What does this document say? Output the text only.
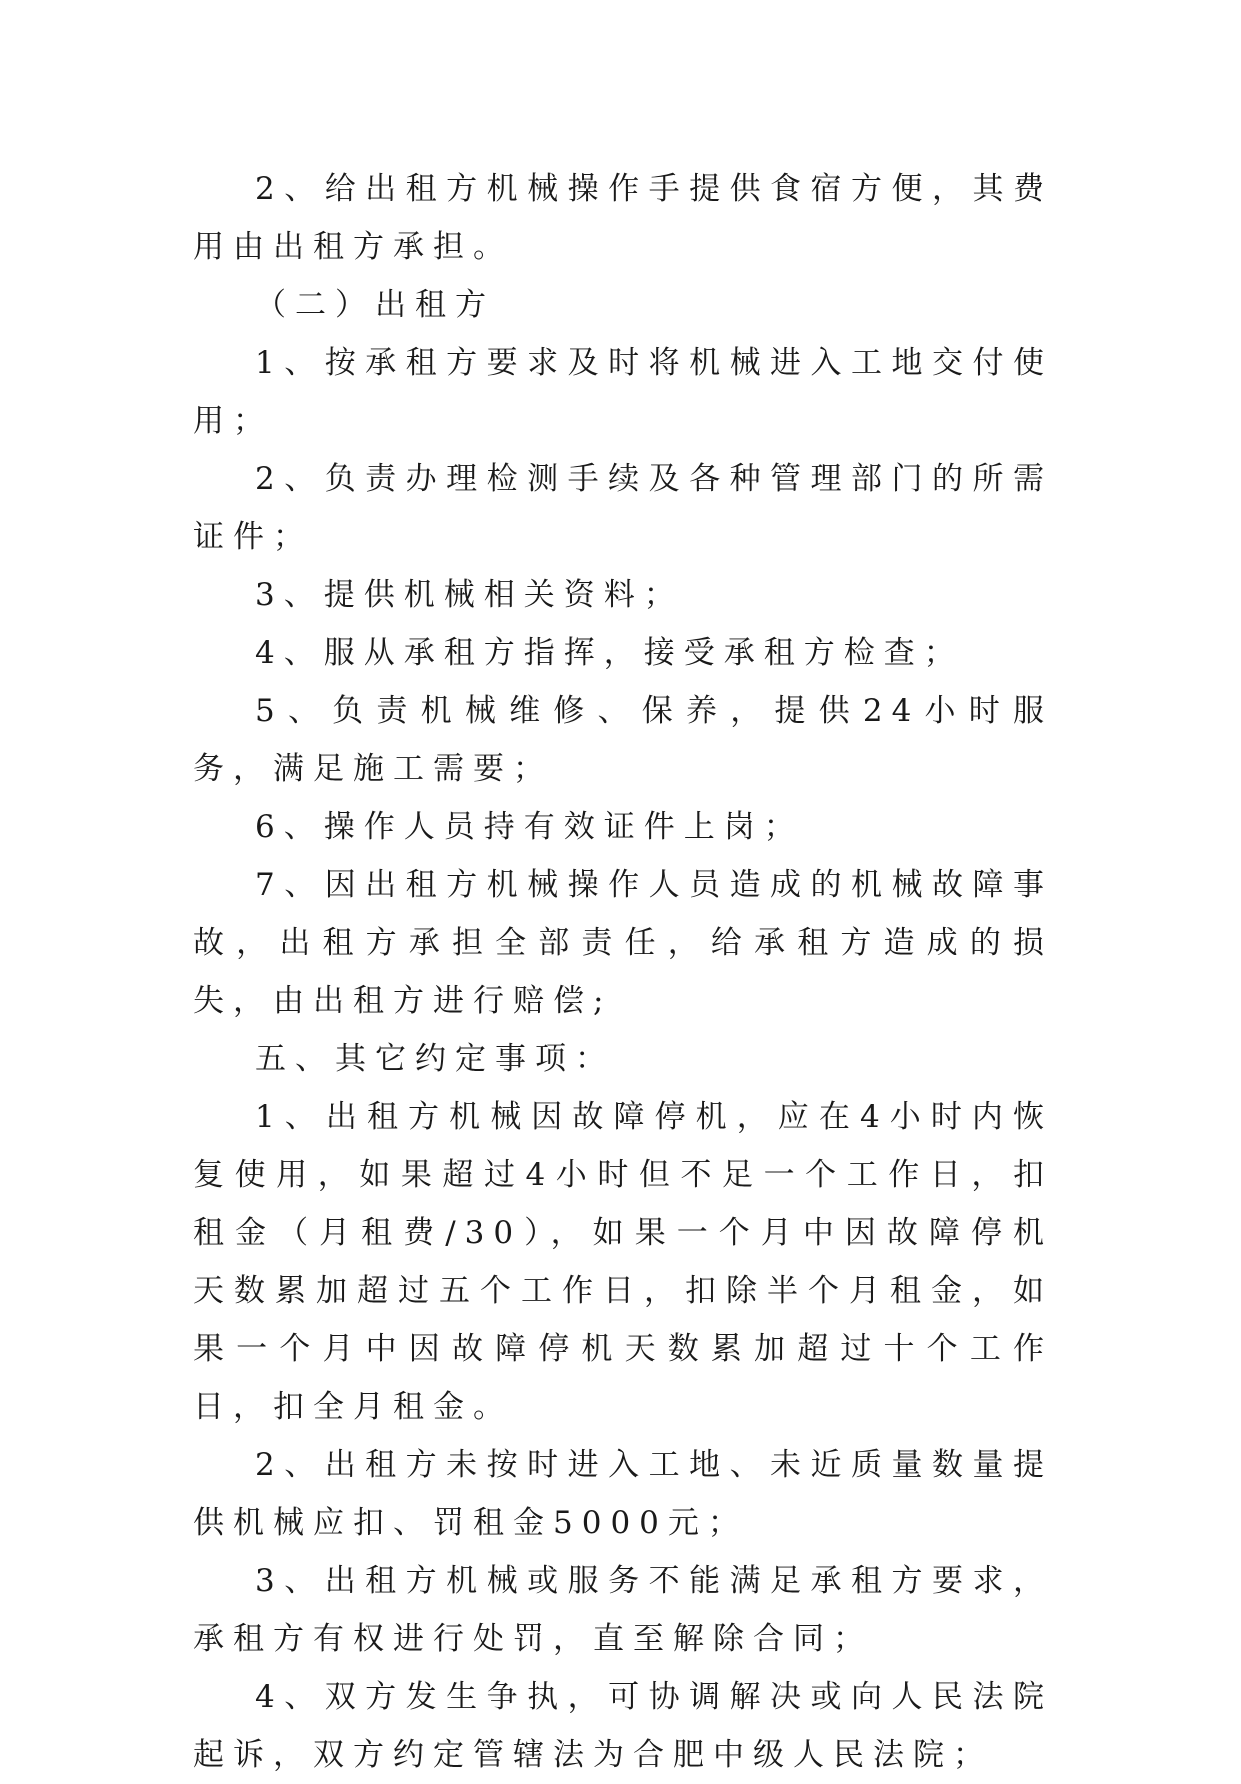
2、给出租方机械操作手提供食宿方便，其费用由出租方承担。

（二）出租方

1、按承租方要求及时将机械进入工地交付使用；

2、负责办理检测手续及各种管理部门的所需证件；

3、提供机械相关资料；

4、服从承租方指挥，接受承租方检查；

5、负责机械维修、保养，提供24小时服务，满足施工需要；

6、操作人员持有效证件上岗；

7、因出租方机械操作人员造成的机械故障事故，出租方承担全部责任，给承租方造成的损失，由出租方进行赔偿;

五、其它约定事项：

1、出租方机械因故障停机，应在4小时内恢复使用，如果超过4小时但不足一个工作日，扣租金（月租费/30），如果一个月中因故障停机天数累加超过五个工作日，扣除半个月租金，如果一个月中因故障停机天数累加超过十个工作日，扣全月租金。

2、出租方未按时进入工地、未近质量数量提供机械应扣、罚租金5000元；

3、出租方机械或服务不能满足承租方要求，承租方有权进行处罚，直至解除合同；

4、双方发生争执，可协调解决或向人民法院起诉，双方约定管辖法为合肥中级人民法院；
